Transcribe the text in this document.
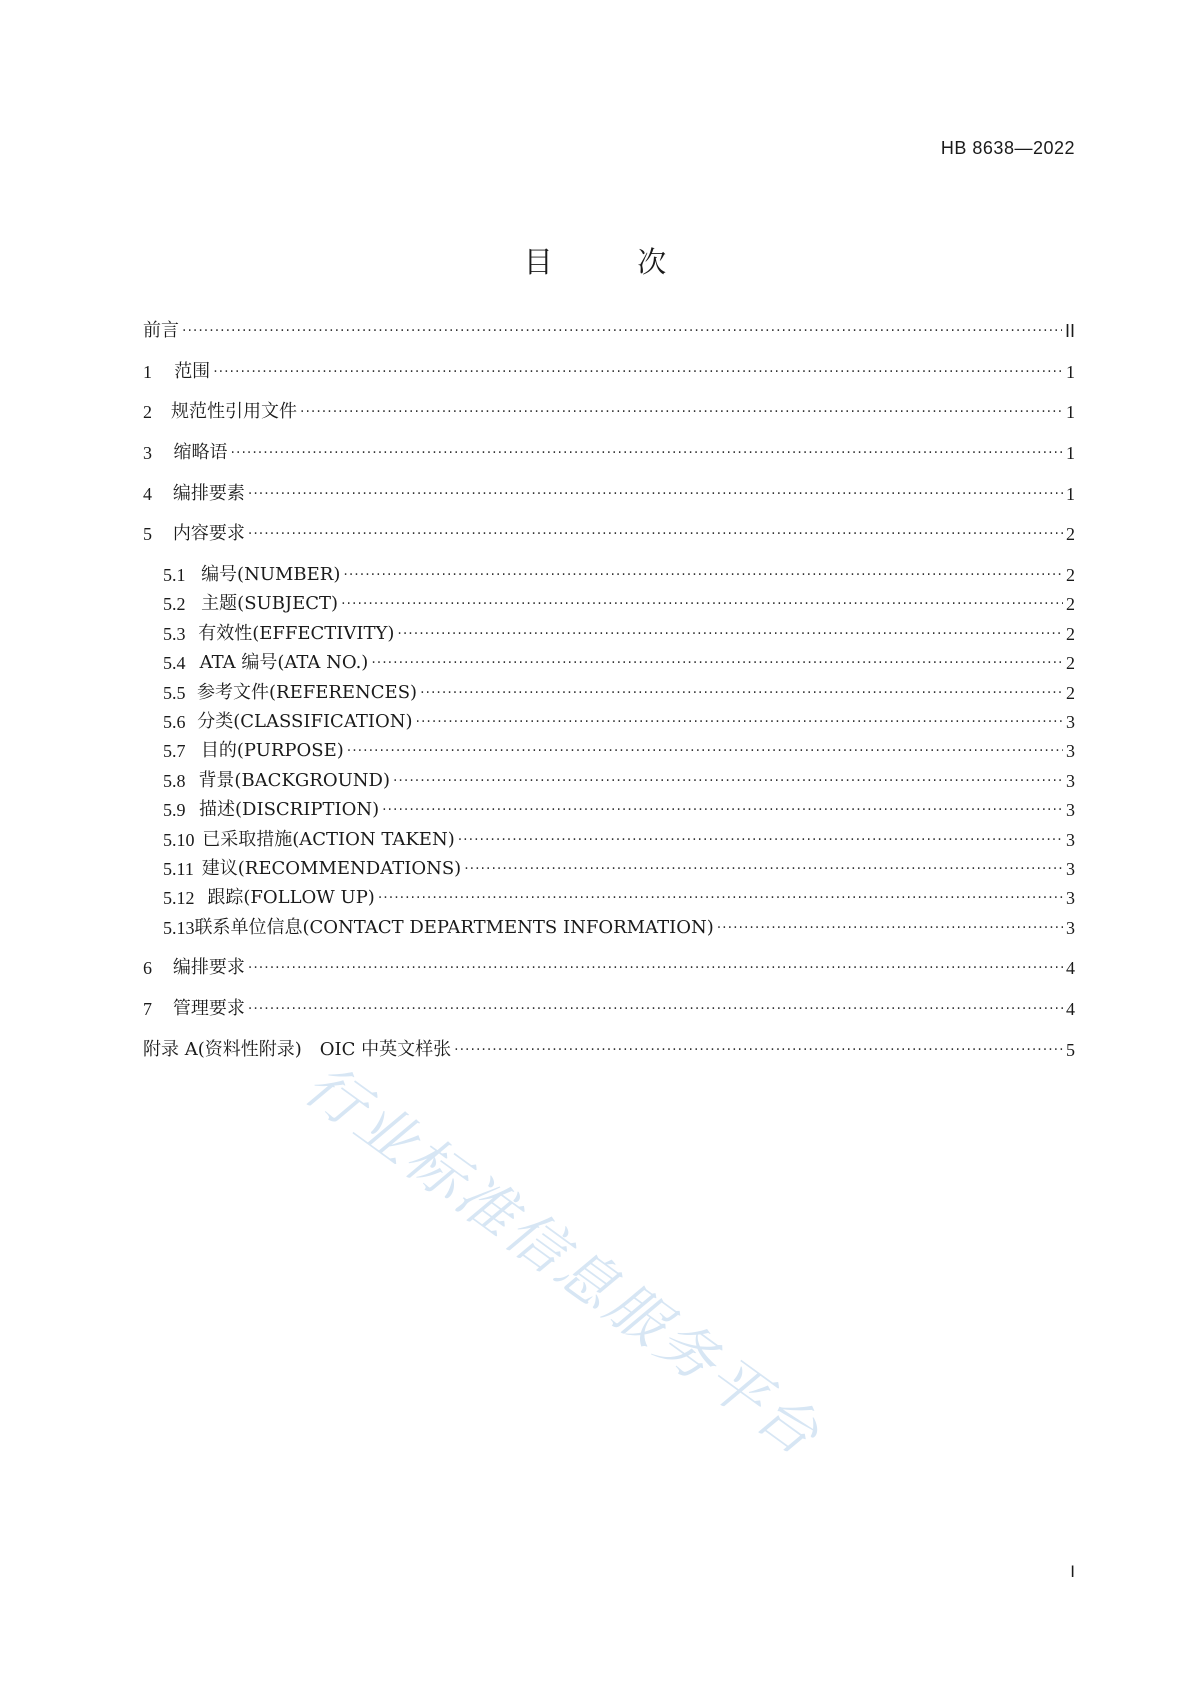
HB 8638—2022
目 次
前言 ·····	II
1	范围 ·····	1
2	规范性引用文件 ·····	1
3	缩略语 ·····	1
4	编排要素 ·····	1
5	内容要求 ·····	2
5.1 编号(NUMBER) ·····	2
5.2 主题(SUBJECT) ·····	2
5.3 有效性(EFFECTIVITY) ·····	2
5.4 ATA 编号(ATA NO.) ·····	2
5.5 参考文件(REFERENCES) ·····	2
5.6 分类(CLASSIFICATION) ·····	3
5.7 目的(PURPOSE) ·····	3
5.8 背景(BACKGROUND) ·····	3
5.9 描述(DISCRIPTION) ·····	3
5.10 已采取措施(ACTION TAKEN) ·····	3
5.11 建议(RECOMMENDATIONS) ·····	3
5.12 跟踪(FOLLOW UP) ·····	3
5.13 联系单位信息(CONTACT DEPARTMENTS INFORMATION) ·····	3
6	编排要求 ·····	4
7	管理要求 ·····	4
附录 A(资料性附录)　OIC 中英文样张 ·····	5
行业标准信息服务平台
I
